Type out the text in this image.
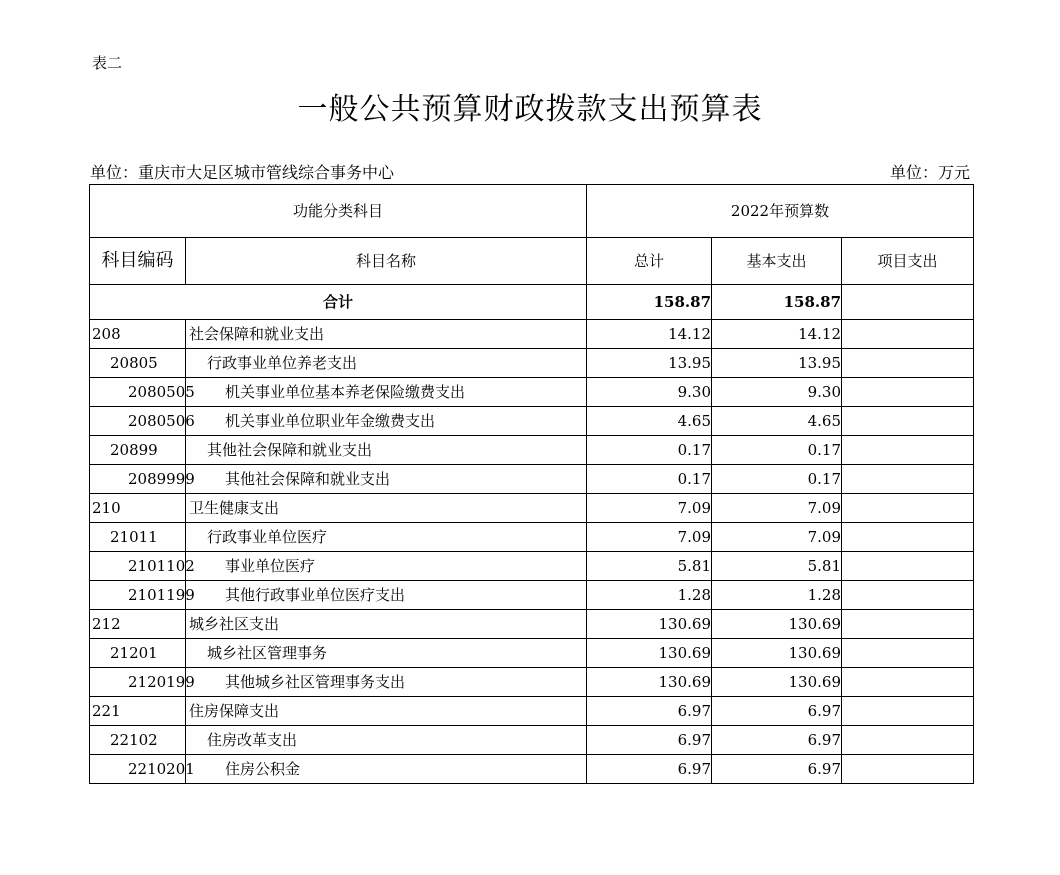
表二
一般公共预算财政拨款支出预算表
单位：重庆市大足区城市管线综合事务中心	单位：万元
功能分类科目		2022年预算数		
科目编码	科目名称	总计	基本支出	项目支出
合计		158.87	158.87	
208	社会保障和就业支出	14.12	14.12	
20805	行政事业单位养老支出	13.95	13.95	
2080505	机关事业单位基本养老保险缴费支出	9.30	9.30	
2080506	机关事业单位职业年金缴费支出	4.65	4.65	
20899	其他社会保障和就业支出	0.17	0.17	
2089999	其他社会保障和就业支出	0.17	0.17	
210	卫生健康支出	7.09	7.09	
21011	行政事业单位医疗	7.09	7.09	
2101102	事业单位医疗	5.81	5.81	
2101199	其他行政事业单位医疗支出	1.28	1.28	
212	城乡社区支出	130.69	130.69	
21201	城乡社区管理事务	130.69	130.69	
2120199	其他城乡社区管理事务支出	130.69	130.69	
221	住房保障支出	6.97	6.97	
22102	住房改革支出	6.97	6.97	
2210201	住房公积金	6.97	6.97	
